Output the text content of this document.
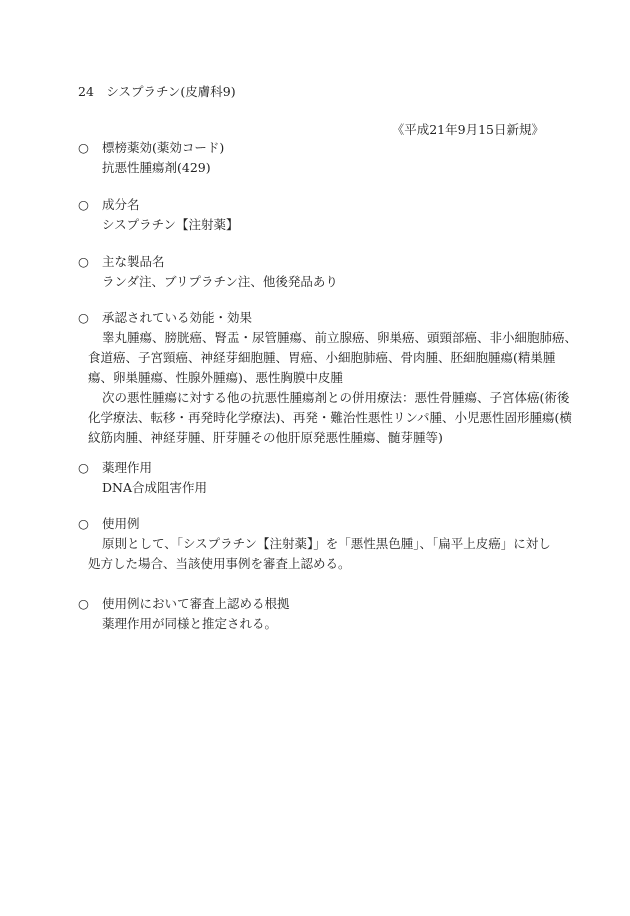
24　シスプラチン(皮膚科9)
《平成21年9月15日新規》
○	標榜薬効(薬効コード)
抗悪性腫瘍剤(429)
○	成分名
シスプラチン【注射薬】
○	主な製品名
ランダ注、ブリプラチン注、他後発品あり
○	承認されている効能・効果
睾丸腫瘍、膀胱癌、腎盂・尿管腫瘍、前立腺癌、卵巣癌、頭頸部癌、非小細胞肺癌、
食道癌、子宮頸癌、神経芽細胞腫、胃癌、小細胞肺癌、骨肉腫、胚細胞腫瘍(精巣腫
瘍、卵巣腫瘍、性腺外腫瘍)、悪性胸膜中皮腫
次の悪性腫瘍に対する他の抗悪性腫瘍剤との併用療法：悪性骨腫瘍、子宮体癌(術後
化学療法、転移・再発時化学療法)、再発・難治性悪性リンパ腫、小児悪性固形腫瘍(横
紋筋肉腫、神経芽腫、肝芽腫その他肝原発悪性腫瘍、髄芽腫等)
○	薬理作用
DNA合成阻害作用
○	使用例
原則として、「シスプラチン【注射薬】」を「悪性黒色腫」、「扁平上皮癌」に対し
処方した場合、当該使用事例を審査上認める。
○	使用例において審査上認める根拠
薬理作用が同様と推定される。
